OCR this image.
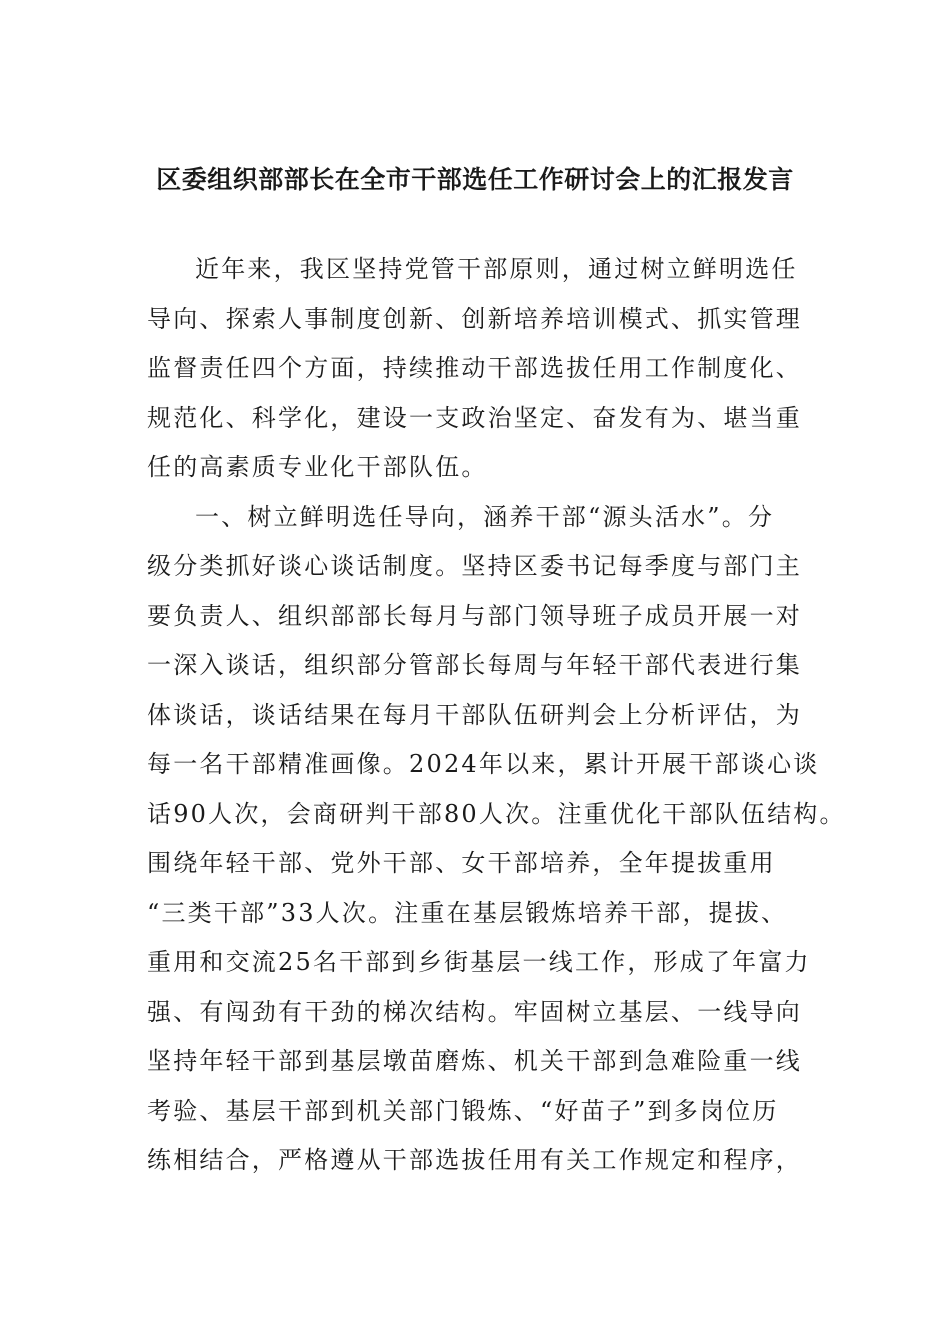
区委组织部部长在全市干部选任工作研讨会上的汇报发言
近年来，我区坚持党管干部原则，通过树立鲜明选任
导向、探索人事制度创新、创新培养培训模式、抓实管理
监督责任四个方面，持续推动干部选拔任用工作制度化、
规范化、科学化，建设一支政治坚定、奋发有为、堪当重
任的高素质专业化干部队伍。
一、树立鲜明选任导向，涵养干部“源头活水”。分
级分类抓好谈心谈话制度。坚持区委书记每季度与部门主
要负责人、组织部部长每月与部门领导班子成员开展一对
一深入谈话，组织部分管部长每周与年轻干部代表进行集
体谈话，谈话结果在每月干部队伍研判会上分析评估，为
每一名干部精准画像。2024年以来，累计开展干部谈心谈
话90人次，会商研判干部80人次。注重优化干部队伍结构。
围绕年轻干部、党外干部、女干部培养，全年提拔重用
“三类干部”33人次。注重在基层锻炼培养干部，提拔、
重用和交流25名干部到乡街基层一线工作，形成了年富力
强、有闯劲有干劲的梯次结构。牢固树立基层、一线导向
坚持年轻干部到基层墩苗磨炼、机关干部到急难险重一线
考验、基层干部到机关部门锻炼、“好苗子”到多岗位历
练相结合，严格遵从干部选拔任用有关工作规定和程序，
